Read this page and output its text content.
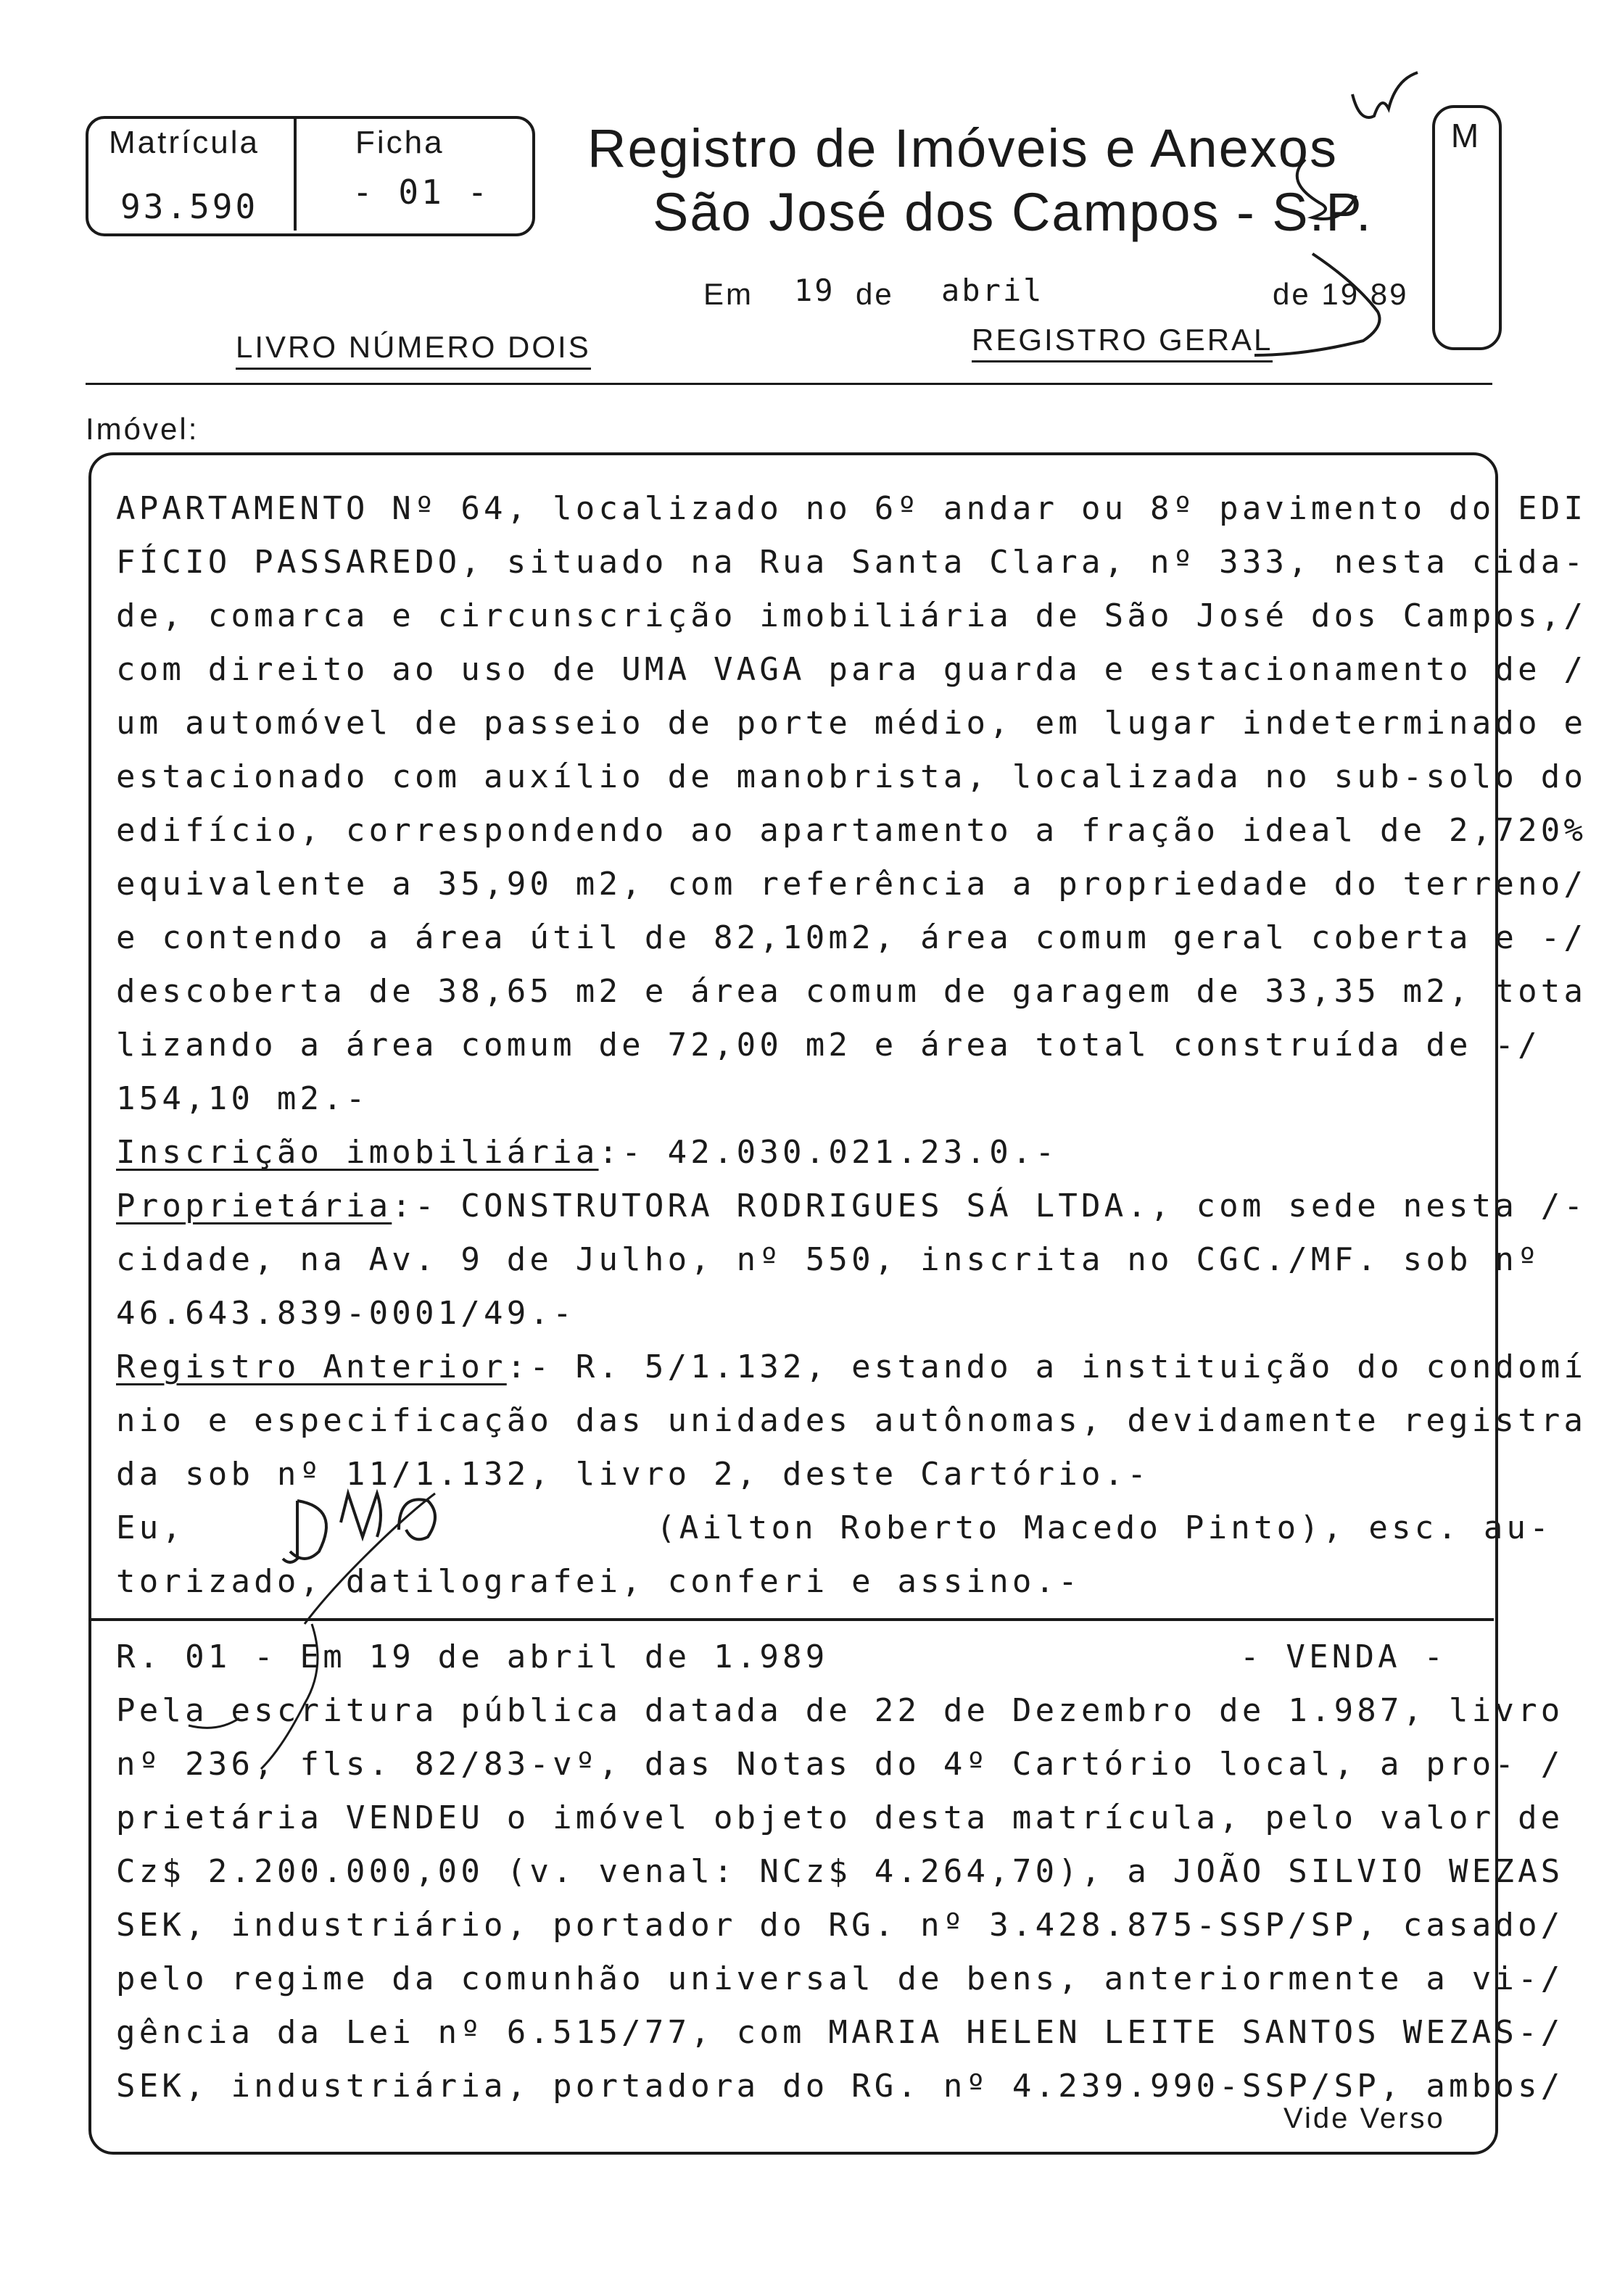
Matrícula
93.590
Ficha
- 01 -
Registro de Imóveis e Anexos
São José dos Campos - S.P.
M
Em 19 de abril	de 19 89
LIVRO NÚMERO DOIS	REGISTRO GERAL
Imóvel:
APARTAMENTO Nº 64, localizado no 6º andar ou 8º pavimento do EDI
FÍCIO PASSAREDO, situado na Rua Santa Clara, nº 333, nesta cida-
de, comarca e circunscrição imobiliária de São José dos Campos,/
com direito ao uso de UMA VAGA para guarda e estacionamento de /
um automóvel de passeio de porte médio, em lugar indeterminado e
estacionado com auxílio de manobrista, localizada no sub-solo do
edifício, correspondendo ao apartamento a fração ideal de 2,720%
equivalente a 35,90 m2, com referência a propriedade do terreno/
e contendo a área útil de 82,10m2, área comum geral coberta e -/
descoberta de 38,65 m2 e área comum de garagem de 33,35 m2, tota
lizando a área comum de 72,00 m2 e área total construída de -/
154,10 m2.-
Inscrição imobiliária:- 42.030.021.23.0.-
Proprietária:- CONSTRUTORA RODRIGUES SÁ LTDA., com sede nesta /-
cidade, na Av. 9 de Julho, nº 550, inscrita no CGC./MF. sob nº
46.643.839-0001/49.-
Registro Anterior:- R. 5/1.132, estando a instituição do condomí
nio e especificação das unidades autônomas, devidamente registra
da sob nº 11/1.132, livro 2, deste Cartório.-
Eu,	(Ailton Roberto Macedo Pinto), esc. au-
torizado, datilografei, conferi e assino.-
R. 01 - Em 19 de abril de 1.989	- VENDA -
Pela escritura pública datada de 22 de Dezembro de 1.987, livro
nº 236, fls. 82/83-vº, das Notas do 4º Cartório local, a pro- /
prietária VENDEU o imóvel objeto desta matrícula, pelo valor de
Cz$ 2.200.000,00 (v. venal: NCz$ 4.264,70), a JOÃO SILVIO WEZAS
SEK, industriário, portador do RG. nº 3.428.875-SSP/SP, casado/
pelo regime da comunhão universal de bens, anteriormente a vi-/
gência da Lei nº 6.515/77, com MARIA HELEN LEITE SANTOS WEZAS-/
SEK, industriária, portadora do RG. nº 4.239.990-SSP/SP, ambos/
Vide Verso
